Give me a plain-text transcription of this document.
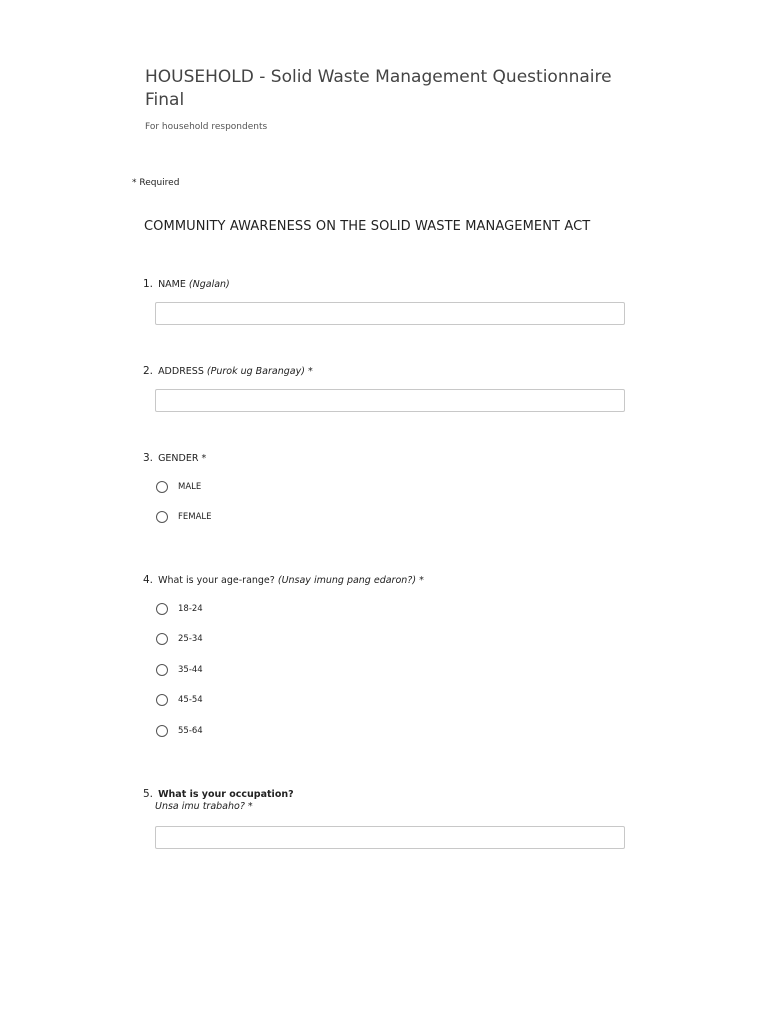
HOUSEHOLD - Solid Waste Management Questionnaire Final
For household respondents
* Required
COMMUNITY AWARENESS ON THE SOLID WASTE MANAGEMENT ACT
1. NAME (Ngalan)
2. ADDRESS (Purok ug Barangay) *
3. GENDER *
MALE
FEMALE
4. What is your age-range? (Unsay imung pang edaron?) *
18-24
25-34
35-44
45-54
55-64
5. What is your occupation?
Unsa imu trabaho? *
